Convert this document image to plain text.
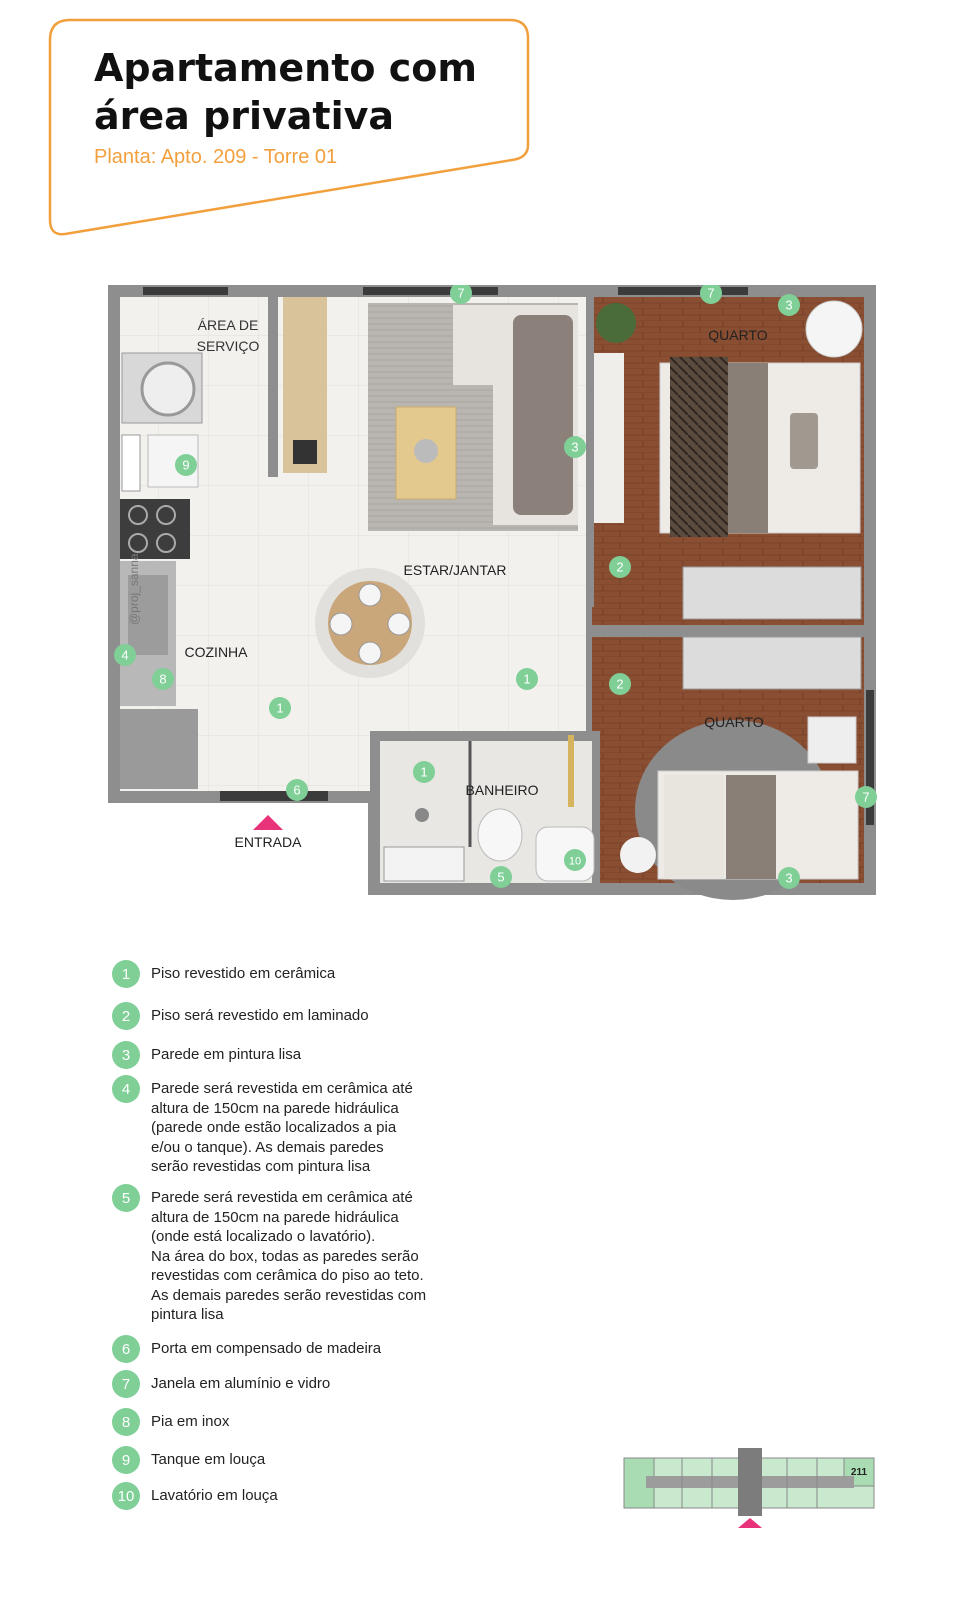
Apartamento com
área privativa
Planta: Apto. 209 - Torre 01
ÁREA DE
SERVIÇO
QUARTO
ESTAR/JANTAR
COZINHA
QUARTO
BANHEIRO
@proj_sanna
7	7
3
9
3
2
4
8
1
1	2
1
6	7
10
5	3
ENTRADA
1	Piso revestido em cerâmica
2	Piso será revestido em laminado
3	Parede em pintura lisa
4	Parede será revestida em cerâmica até
altura de 150cm na parede hidráulica
(parede onde estão localizados a pia
e/ou o tanque). As demais paredes
serão revestidas com pintura lisa
5	Parede será revestida em cerâmica até
altura de 150cm na parede hidráulica
(onde está localizado o lavatório).
Na área do box, todas as paredes serão
revestidas com cerâmica do piso ao teto.
As demais paredes serão revestidas com
pintura lisa
6	Porta em compensado de madeira
7	Janela em alumínio e vidro
8	Pia em inox
9	Tanque em louça
10	Lavatório em louça
211
